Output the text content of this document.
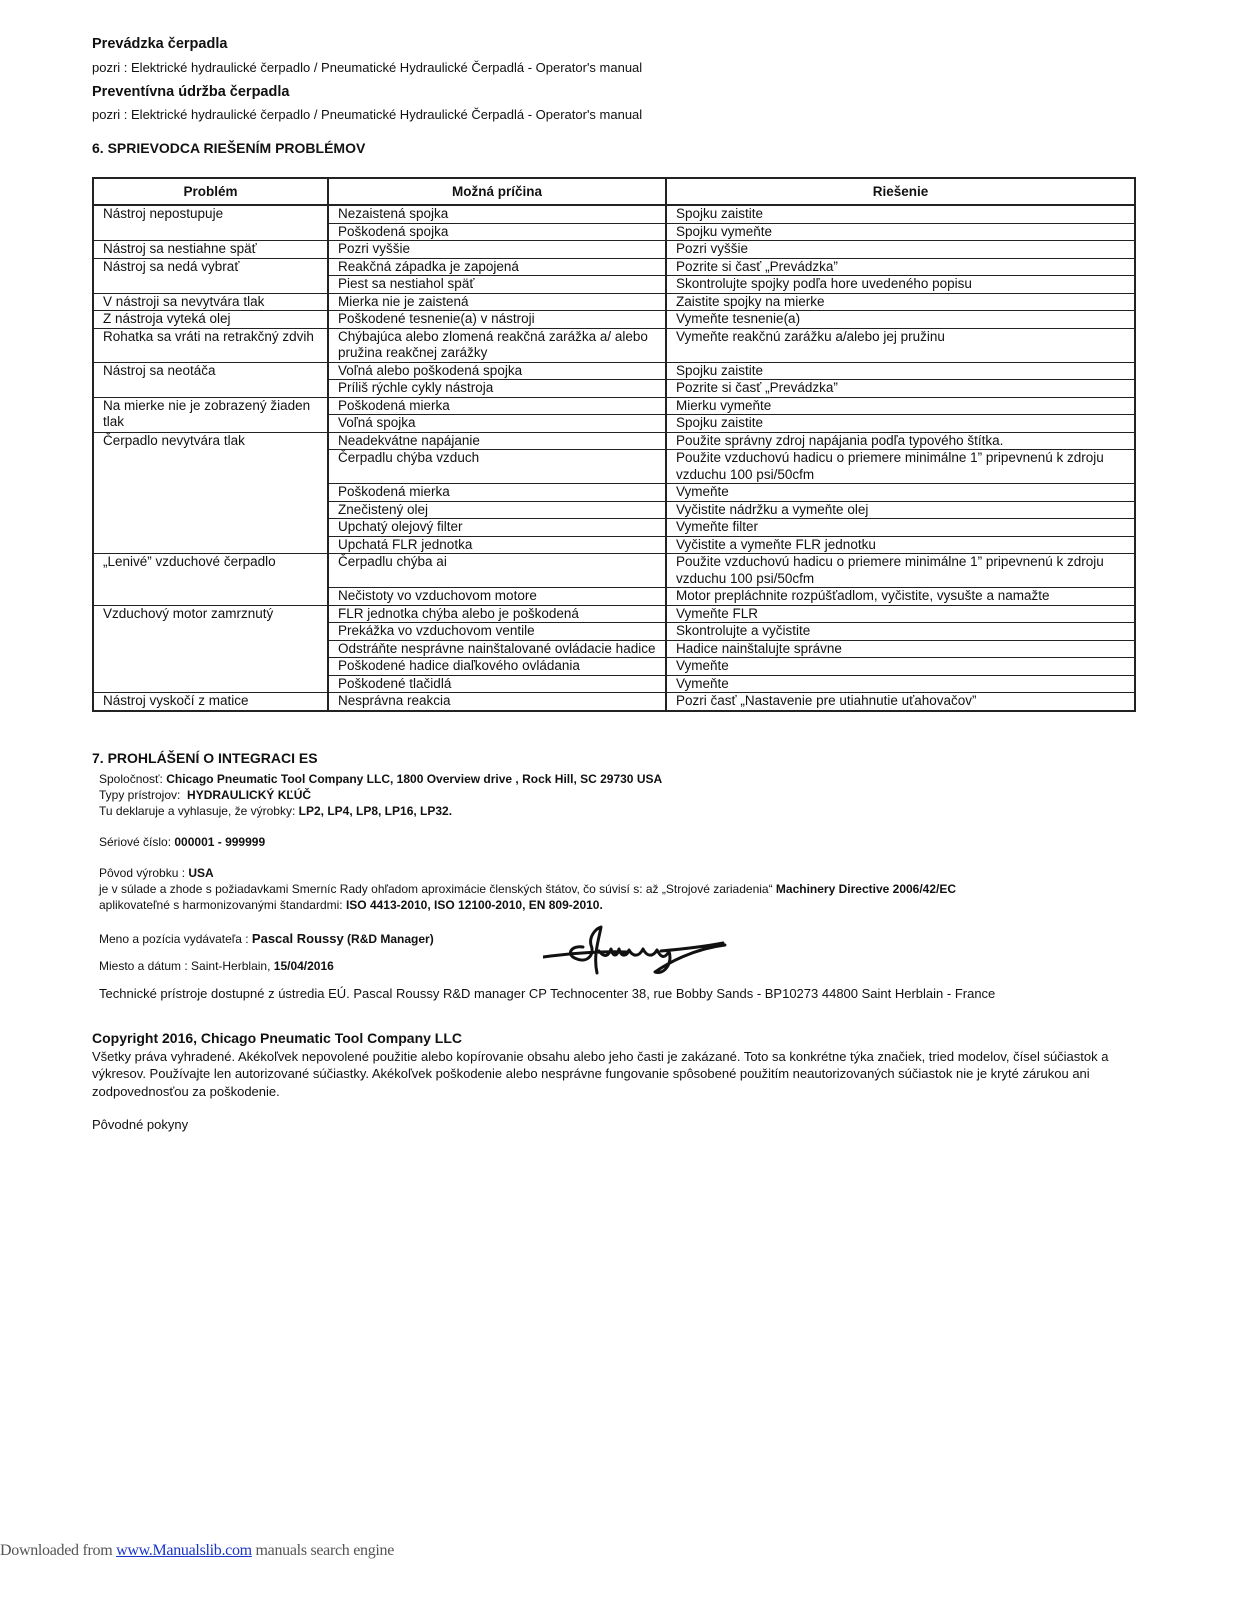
Prevádzka čerpadla

pozri : Elektrické hydraulické čerpadlo / Pneumatické Hydraulické Čerpadlá - Operator's manual

Preventívna údržba čerpadla

pozri : Elektrické hydraulické čerpadlo / Pneumatické Hydraulické Čerpadlá - Operator's manual

6. SPRIEVODCA RIEŠENÍM PROBLÉMOV

7. PROHLÁŠENÍ O INTEGRACI ES

Spoločnosť: Chicago Pneumatic Tool Company LLC, 1800 Overview drive , Rock Hill, SC 29730 USA
Typy prístrojov:  HYDRAULICKÝ KĽÚČ
Tu deklaruje a vyhlasuje, že výrobky: LP2, LP4, LP8, LP16, LP32.
Sériové číslo: 000001 - 999999
Pôvod výrobku : USA
je v súlade a zhode s požiadavkami Smerníc Rady ohľadom aproximácie členských štátov, čo súvisí s: až „Strojové zariadenia“ Machinery Directive 2006/42/EC
aplikovateľné s harmonizovanými štandardmi: ISO 4413-2010, ISO 12100-2010, EN 809-2010.
Meno a pozícia vydávateľa : Pascal Roussy (R&D Manager)
Miesto a dátum : Saint-Herblain, 15/04/2016
Technické prístroje dostupné z ústredia EÚ. Pascal Roussy R&D manager CP Technocenter 38, rue Bobby Sands - BP10273 44800 Saint Herblain - France
Copyright 2016, Chicago Pneumatic Tool Company LLC
Všetky práva vyhradené. Akékoľvek nepovolené použitie alebo kopírovanie obsahu alebo jeho časti je zakázané. Toto sa konkrétne týka značiek, tried modelov, čísel súčiastok a výkresov. Používajte len autorizované súčiastky. Akékoľvek poškodenie alebo nesprávne fungovanie spôsobené použitím neautorizovaných súčiastok nie je kryté zárukou ani zodpovednosťou za poškodenie.
Pôvodné pokyny
Problém	Možná príčina	Riešenie
Nástroj nepostupuje	Nezaistená spojka	Spojku zaistite
	Poškodená spojka	Spojku vymeňte
Nástroj sa nestiahne späť	Pozri vyššie	Pozri vyššie
Nástroj sa nedá vybrať	Reakčná západka je zapojená	Pozrite si časť „Prevádzka”
	Piest sa nestiahol späť	Skontrolujte spojky podľa hore uvedeného popisu
V nástroji sa nevytvára tlak	Mierka nie je zaistená	Zaistite spojky na mierke
Z nástroja vyteká olej	Poškodené tesnenie(a) v nástroji	Vymeňte tesnenie(a)
Rohatka sa vráti na retrakčný zdvih	Chýbajúca alebo zlomená reakčná zarážka a/ alebo pružina reakčnej zarážky	Vymeňte reakčnú zarážku a/alebo jej pružinu
Nástroj sa neotáča	Voľná alebo poškodená spojka	Spojku zaistite
	Príliš rýchle cykly nástroja	Pozrite si časť „Prevádzka”
Na mierke nie je zobrazený žiaden tlak	Poškodená mierka	Mierku vymeňte
	Voľná spojka	Spojku zaistite
Čerpadlo nevytvára tlak	Neadekvátne napájanie	Použite správny zdroj napájania podľa typového štítka.
	Čerpadlu chýba vzduch	Použite vzduchovú hadicu o priemere minimálne 1” pripevnenú k zdroju vzduchu 100 psi/50cfm
	Poškodená mierka	Vymeňte
	Znečistený olej	Vyčistite nádržku a vymeňte olej
	Upchatý olejový filter	Vymeňte filter
	Upchatá FLR jednotka	Vyčistite a vymeňte FLR jednotku
„Lenivé” vzduchové čerpadlo	Čerpadlu chýba ai	Použite vzduchovú hadicu o priemere minimálne 1” pripevnenú k zdroju vzduchu 100 psi/50cfm
	Nečistoty vo vzduchovom motore	Motor prepláchnite rozpúšťadlom, vyčistite, vysušte a namažte
Vzduchový motor zamrznutý	FLR jednotka chýba alebo je poškodená	Vymeňte FLR
	Prekážka vo vzduchovom ventile	Skontrolujte a vyčistite
	Odstráňte nesprávne nainštalované ovládacie hadice	Hadice nainštalujte správne
	Poškodené hadice diaľkového ovládania	Vymeňte
	Poškodené tlačidlá	Vymeňte
Nástroj vyskočí z matice	Nesprávna reakcia	Pozri časť „Nastavenie pre utiahnutie uťahovačov”
Downloaded from www.Manualslib.com manuals search engine
